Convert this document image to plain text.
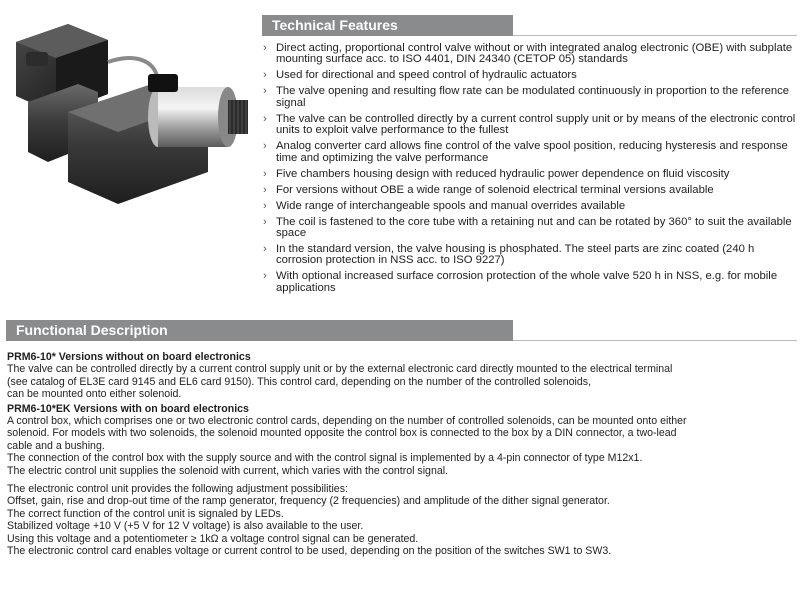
Technical Features
› Direct acting, proportional control valve without or with integrated analog electronic (OBE) with subplate mounting surface acc. to ISO 4401, DIN 24340 (CETOP 05) standards
› Used for directional and speed control of hydraulic actuators
› The valve opening and resulting flow rate can be modulated continuously in proportion to the reference signal
› The valve can be controlled directly by a current control supply unit or by means of the electronic control units to exploit valve performance to the fullest
› Analog converter card allows fine control of the valve spool position, reducing hysteresis and response time and optimizing the valve performance
› Five chambers housing design with reduced hydraulic power dependence on fluid viscosity
› For versions without OBE a wide range of solenoid electrical terminal versions available
› Wide range of interchangeable spools and manual overrides available
› The coil is fastened to the core tube with a retaining nut and can be rotated by 360° to suit the available space
› In the standard version, the valve housing is phosphated. The steel parts are zinc coated (240 h corrosion protection in NSS acc. to ISO 9227)
› With optional increased surface corrosion protection of the whole valve 520 h in NSS, e.g. for mobile applications
Functional Description
PRM6-10* Versions without on board electronics
The valve can be controlled directly by a current control supply unit or by the external electronic card directly mounted to the electrical terminal
(see catalog of EL3E card 9145 and EL6 card 9150). This control card, depending on the number of the controlled solenoids,
can be mounted onto either solenoid.
PRM6-10*EK Versions with on board electronics
A control box, which comprises one or two electronic control cards, depending on the number of controlled solenoids, can be mounted onto either
solenoid. For models with two solenoids, the solenoid mounted opposite the control box is connected to the box by a DIN connector, a two-lead
cable and a bushing.
The connection of the control box with the supply source and with the control signal is implemented by a 4-pin connector of type M12x1.
The electric control unit supplies the solenoid with current, which varies with the control signal.
The electronic control unit provides the following adjustment possibilities:
Offset, gain, rise and drop-out time of the ramp generator, frequency (2 frequencies) and amplitude of the dither signal generator.
The correct function of the control unit is signaled by LEDs.
Stabilized voltage +10 V (+5 V for 12 V voltage) is also available to the user.
Using this voltage and a potentiometer ≥ 1kΩ a voltage control signal can be generated.
The electronic control card enables voltage or current control to be used, depending on the position of the switches SW1 to SW3.
